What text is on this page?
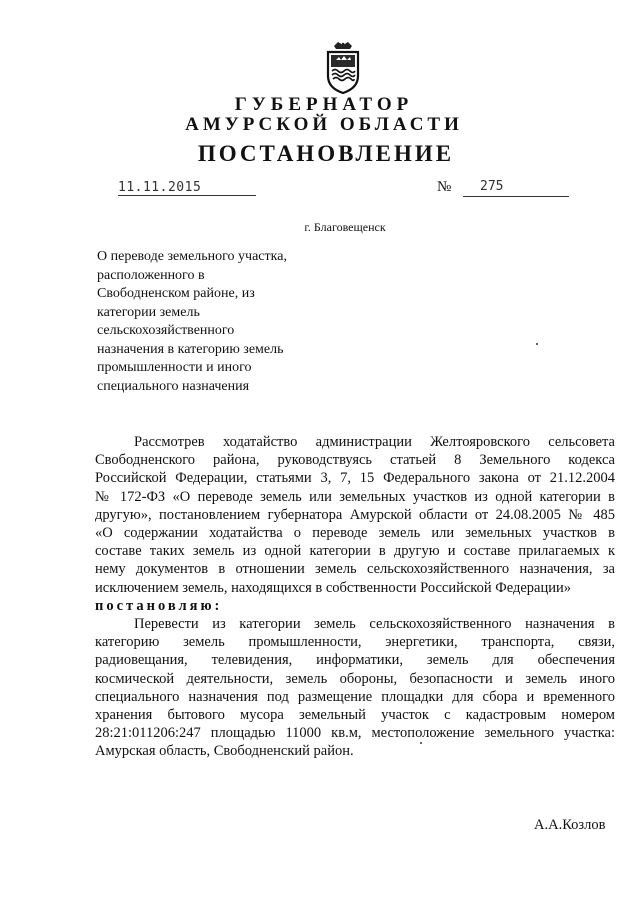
ГУБЕРНАТОР
АМУРСКОЙ ОБЛАСТИ
ПОСТАНОВЛЕНИЕ
11.11.2015	№ 275
г. Благовещенск
О переводе земельного участка,
расположенного в
Свободненском районе, из
категории земель
сельскохозяйственного
назначения в категорию земель
промышленности и иного
специального назначения
Рассмотрев ходатайство администрации Желтояровского сельсовета
Свободненского района, руководствуясь статьей 8 Земельного кодекса
Российской Федерации, статьями 3, 7, 15 Федерального закона от 21.12.2004
№ 172-ФЗ «О переводе земель или земельных участков из одной категории в
другую», постановлением губернатора Амурской области от 24.08.2005 № 485
«О содержании ходатайства о переводе земель или земельных участков в
составе таких земель из одной категории в другую и составе прилагаемых к
нему документов в отношении земель сельскохозяйственного назначения, за
исключением земель, находящихся в собственности Российской Федерации»
постановляю:
Перевести из категории земель сельскохозяйственного назначения в
категорию земель промышленности, энергетики, транспорта, связи,
радиовещания, телевидения, информатики, земель для обеспечения
космической деятельности, земель обороны, безопасности и земель иного
специального назначения под размещение площадки для сбора и временного
хранения бытового мусора земельный участок с кадастровым номером
28:21:011206:247 площадью 11000 кв.м, местоположение земельного участка:
Амурская область, Свободненский район.
А.А.Козлов
